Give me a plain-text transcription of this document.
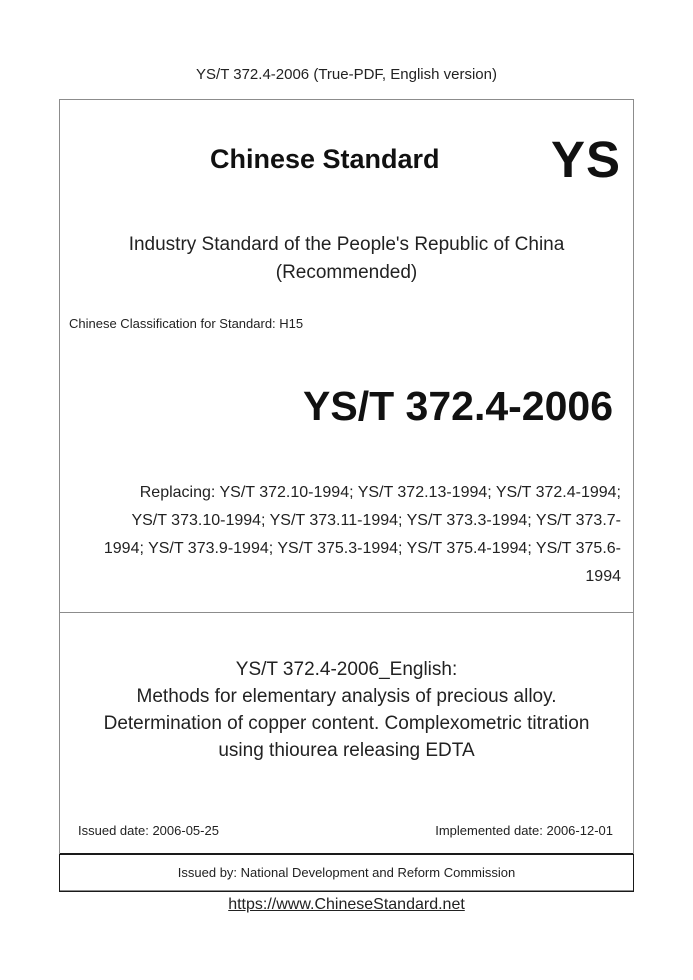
YS/T 372.4-2006 (True-PDF, English version)
Chinese Standard YS
Industry Standard of the People's Republic of China
(Recommended)
Chinese Classification for Standard: H15
YS/T 372.4-2006
Replacing: YS/T 372.10-1994; YS/T 372.13-1994; YS/T 372.4-1994;
YS/T 373.10-1994; YS/T 373.11-1994; YS/T 373.3-1994; YS/T 373.7-
1994; YS/T 373.9-1994; YS/T 375.3-1994; YS/T 375.4-1994; YS/T 375.6-
1994
YS/T 372.4-2006_English:
Methods for elementary analysis of precious alloy.
Determination of copper content. Complexometric titration
using thiourea releasing EDTA
Issued date: 2006-05-25	Implemented date: 2006-12-01
Issued by: National Development and Reform Commission
https://www.ChineseStandard.net
